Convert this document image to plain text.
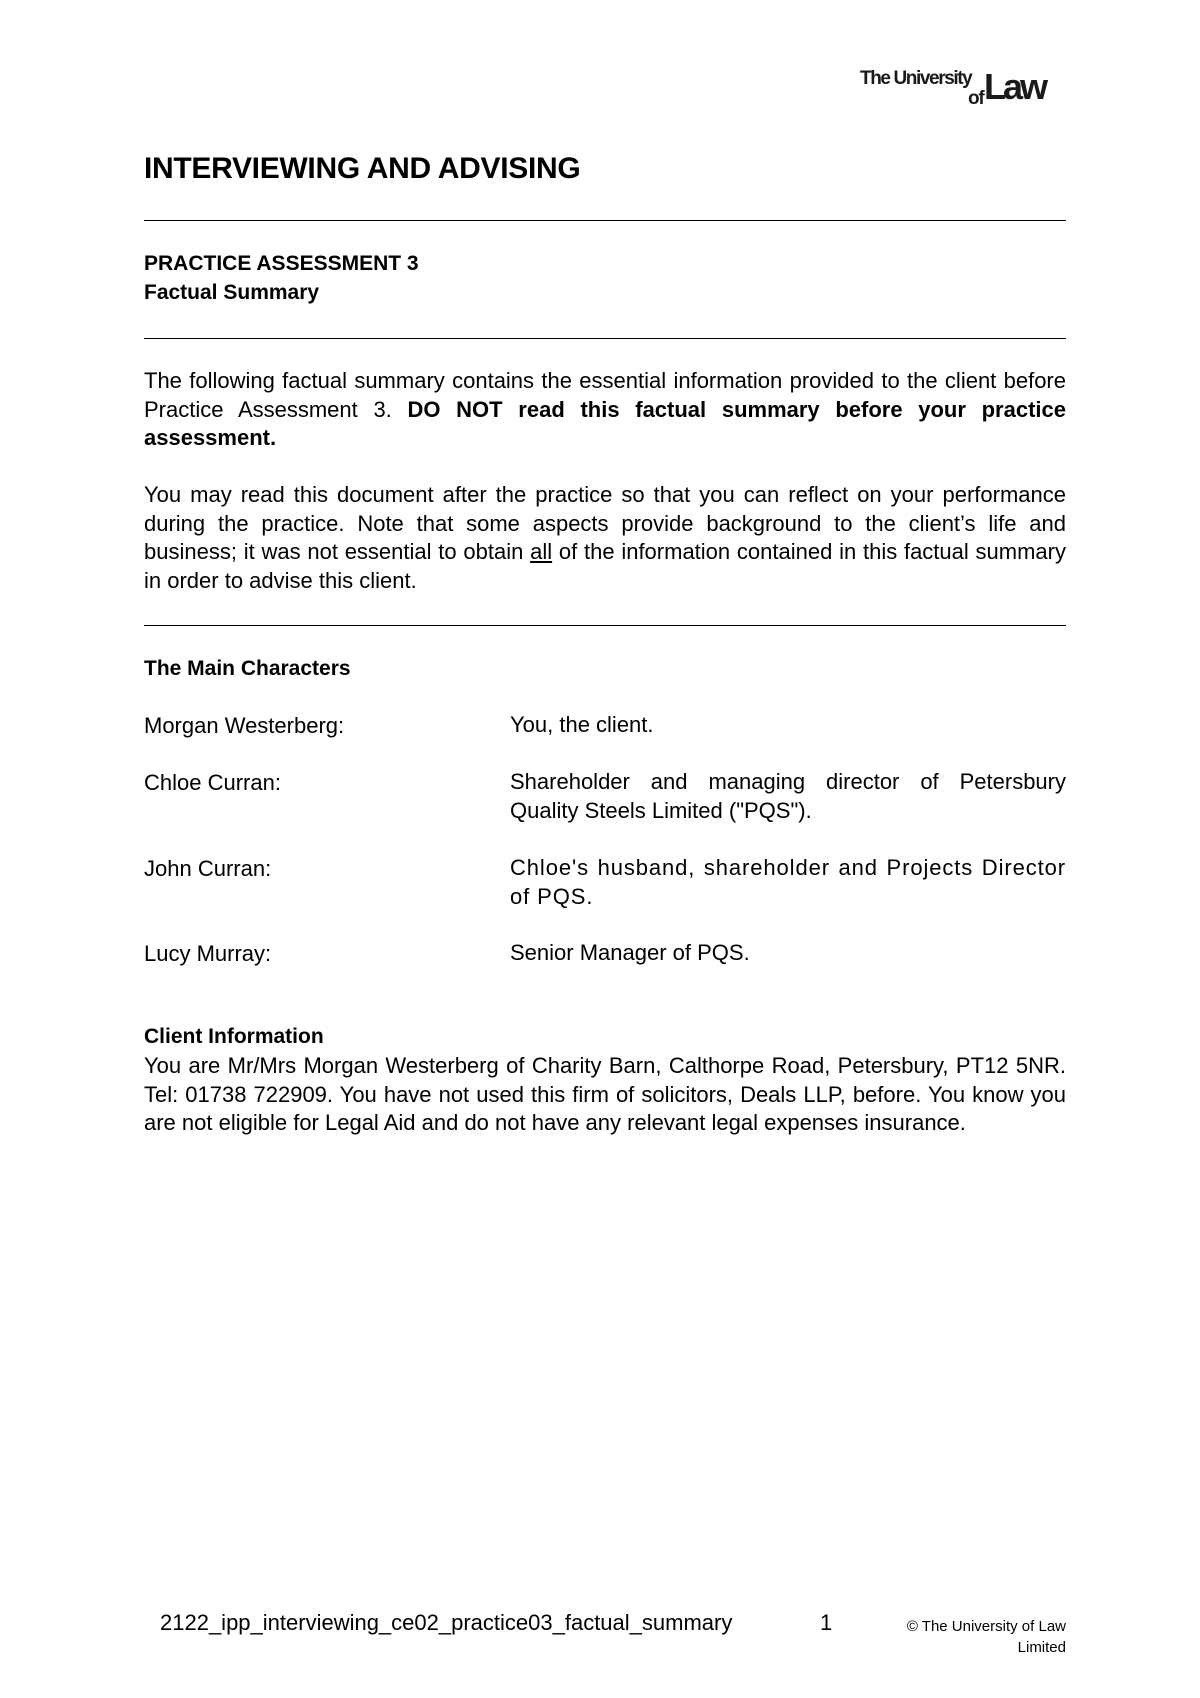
The University
of Law
INTERVIEWING AND ADVISING
PRACTICE ASSESSMENT 3
Factual Summary
The following factual summary contains the essential information provided to the client before Practice Assessment 3. DO NOT read this factual summary before your practice assessment.
You may read this document after the practice so that you can reflect on your performance during the practice. Note that some aspects provide background to the client’s life and business; it was not essential to obtain all of the information contained in this factual summary in order to advise this client.
The Main Characters
Morgan Westerberg:	You, the client.
Chloe Curran:	Shareholder and managing director of Petersbury Quality Steels Limited ("PQS").
John Curran:	Chloe's husband, shareholder and Projects Director of PQS.
Lucy Murray:	Senior Manager of PQS.
Client Information
You are Mr/Mrs Morgan Westerberg of Charity Barn, Calthorpe Road, Petersbury, PT12 5NR. Tel: 01738 722909. You have not used this firm of solicitors, Deals LLP, before. You know you are not eligible for Legal Aid and do not have any relevant legal expenses insurance.
2122_ipp_interviewing_ce02_practice03_factual_summary	1	© The University of Law
Limited
